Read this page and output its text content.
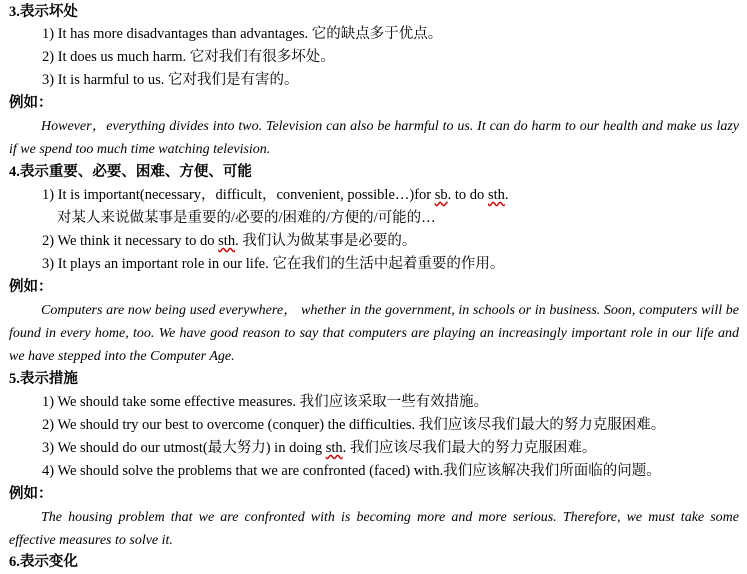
3.表示坏处
1) It has more disadvantages than advantages. 它的缺点多于优点。
2) It does us much harm. 它对我们有很多坏处。
3) It is harmful to us. 它对我们是有害的。
例如：
However，everything divides into two. Television can also be harmful to us. It can do harm to our health and make us lazy if we spend too much time watching television.
4.表示重要、必要、困难、方便、可能
1) It is important(necessary，difficult，convenient, possible…)for sb. to do sth.
对某人来说做某事是重要的/必要的/困难的/方便的/可能的…
2) We think it necessary to do sth. 我们认为做某事是必要的。
3) It plays an important role in our life. 它在我们的生活中起着重要的作用。
例如：
Computers are now being used everywhere， whether in the government, in schools or in business. Soon, computers will be found in every home, too. We have good reason to say that computers are playing an increasingly important role in our life and we have stepped into the Computer Age.
5.表示措施
1) We should take some effective measures. 我们应该采取一些有效措施。
2) We should try our best to overcome (conquer) the difficulties. 我们应该尽我们最大的努力克服困难。
3) We should do our utmost(最大努力) in doing sth. 我们应该尽我们最大的努力克服困难。
4) We should solve the problems that we are confronted (faced) with.我们应该解决我们所面临的问题。
例如：
The housing problem that we are confronted with is becoming more and more serious. Therefore, we must take some effective measures to solve it.
6.表示变化
